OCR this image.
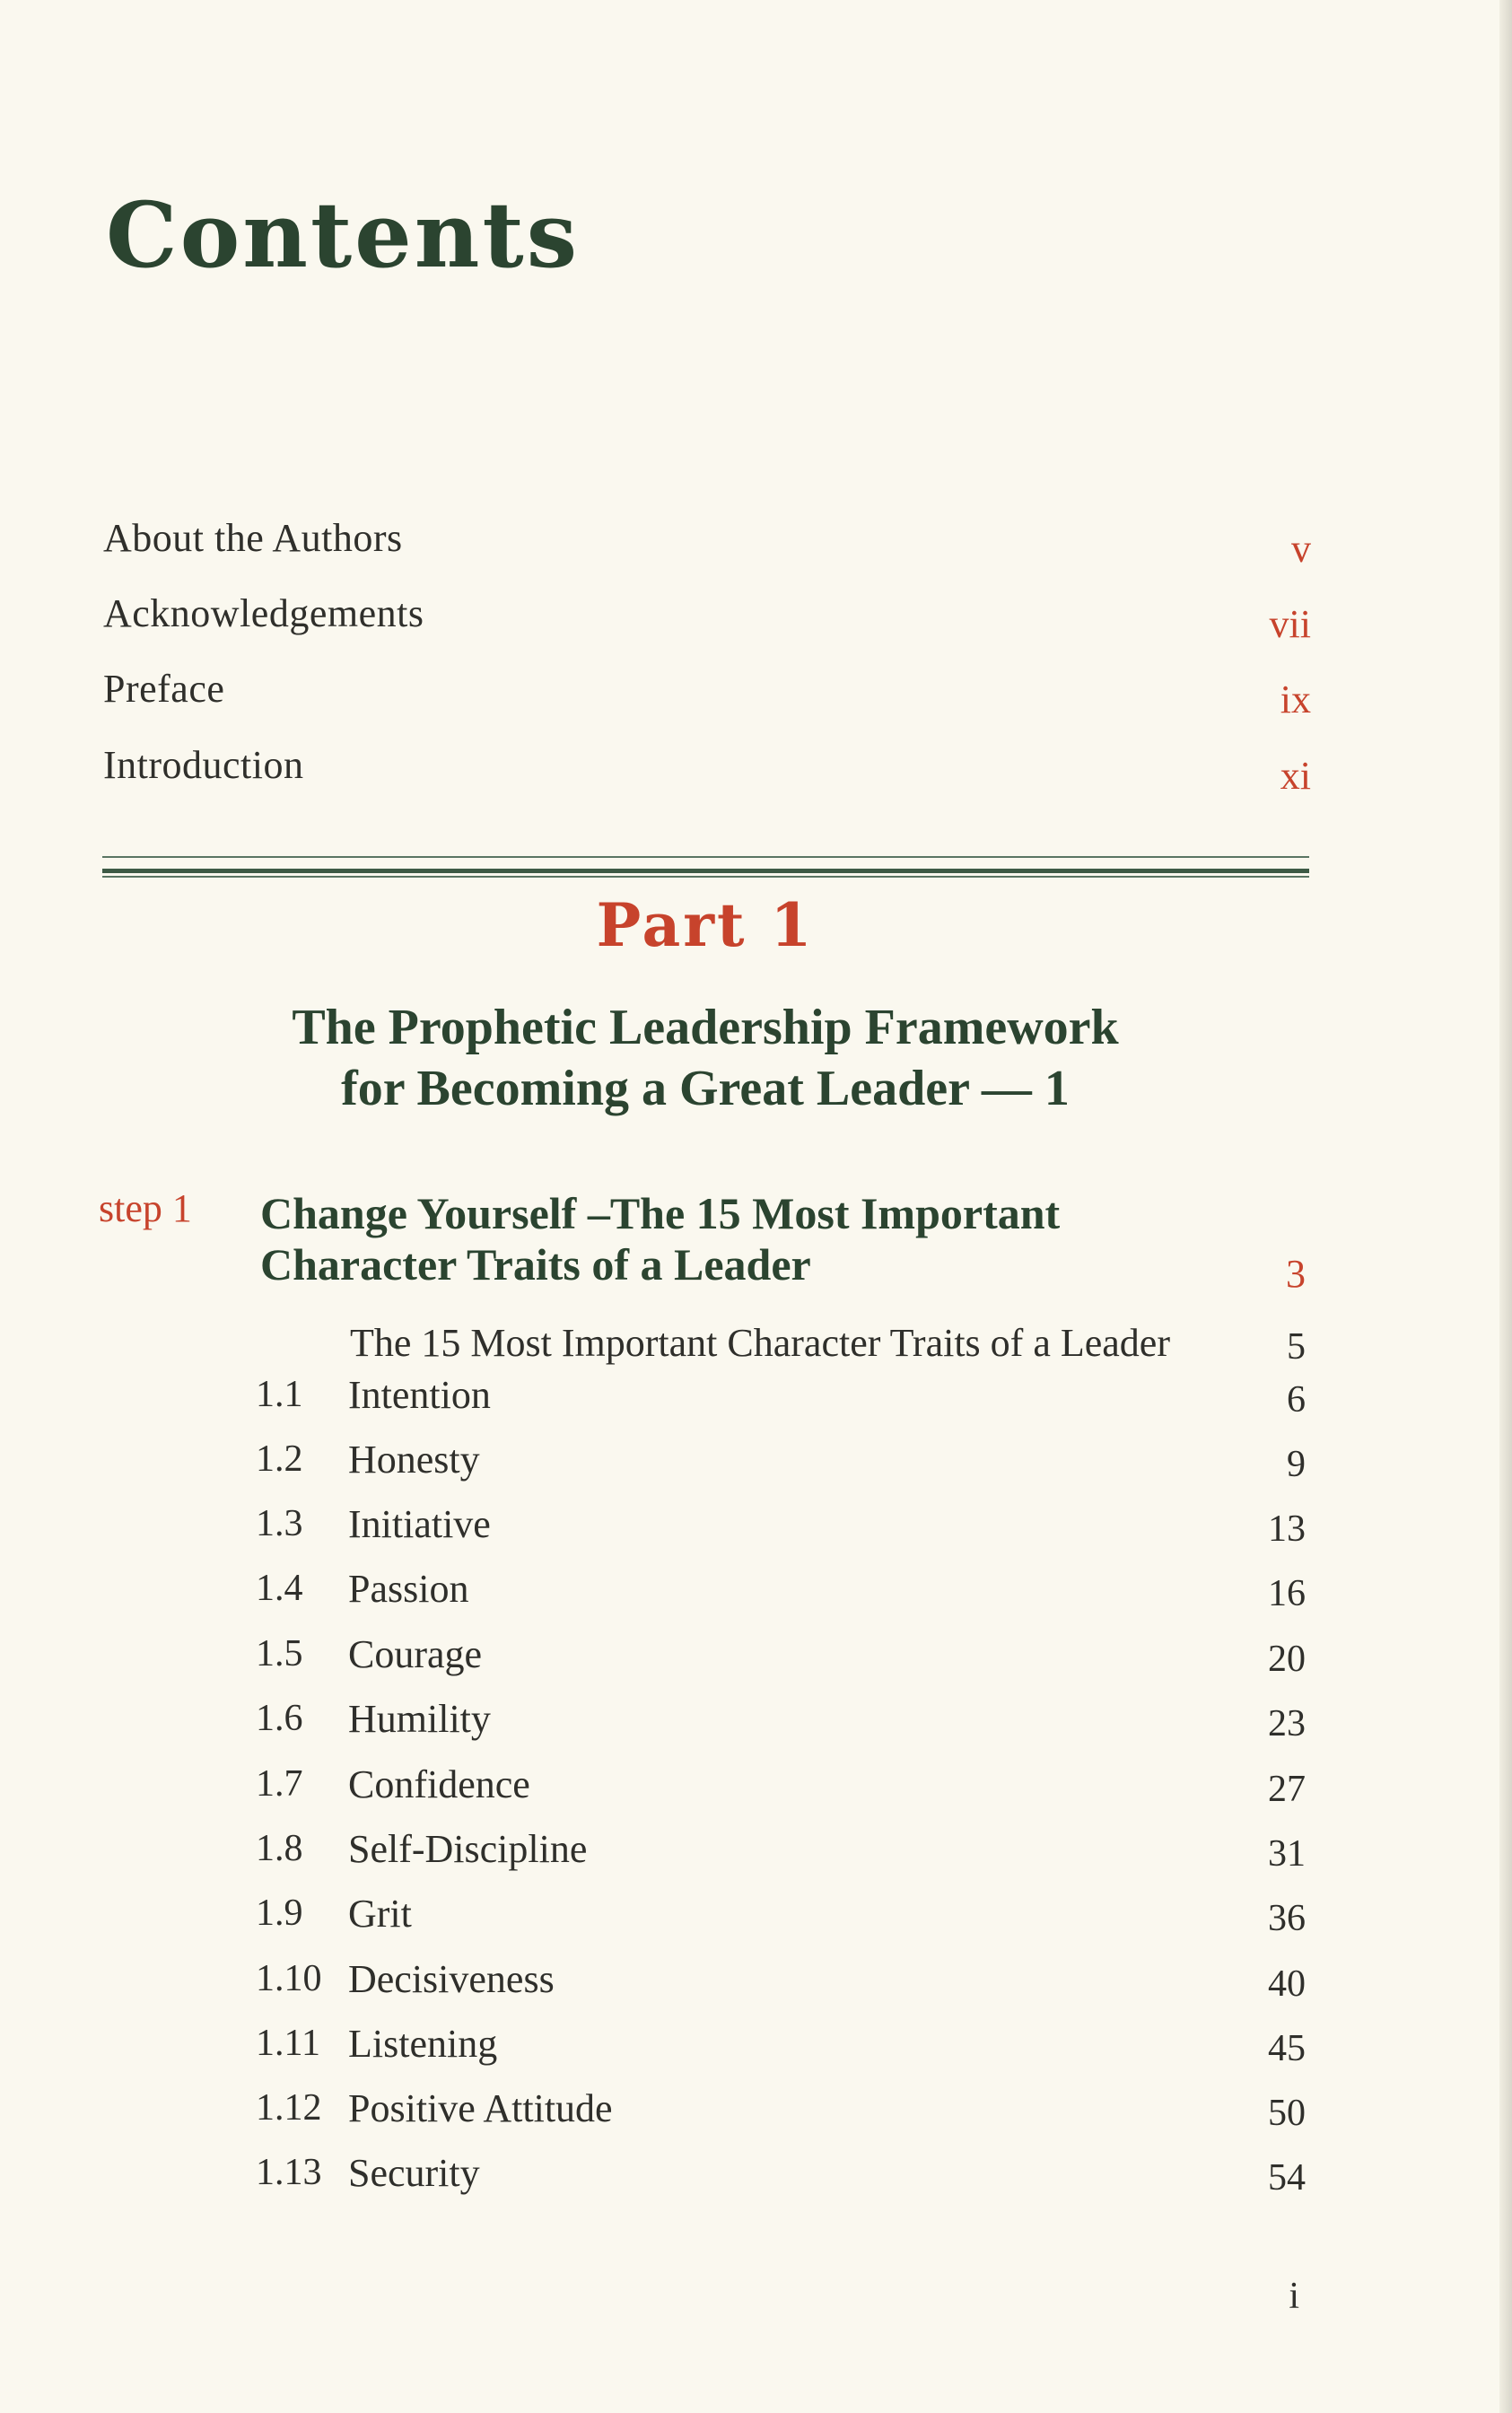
Contents
About the Authors	v
Acknowledgements	vii
Preface	ix
Introduction	xi
Part 1
The Prophetic Leadership Framework
for Becoming a Great Leader — 1
step 1 Change Yourself –The 15 Most Important
Character Traits of a Leader	3
The 15 Most Important Character Traits of a Leader	5
1.1 Intention	6
1.2 Honesty	9
1.3 Initiative	13
1.4 Passion	16
1.5 Courage	20
1.6 Humility	23
1.7 Confidence	27
1.8 Self-Discipline	31
1.9 Grit	36
1.10 Decisiveness	40
1.11 Listening	45
1.12 Positive Attitude	50
1.13 Security	54
i
